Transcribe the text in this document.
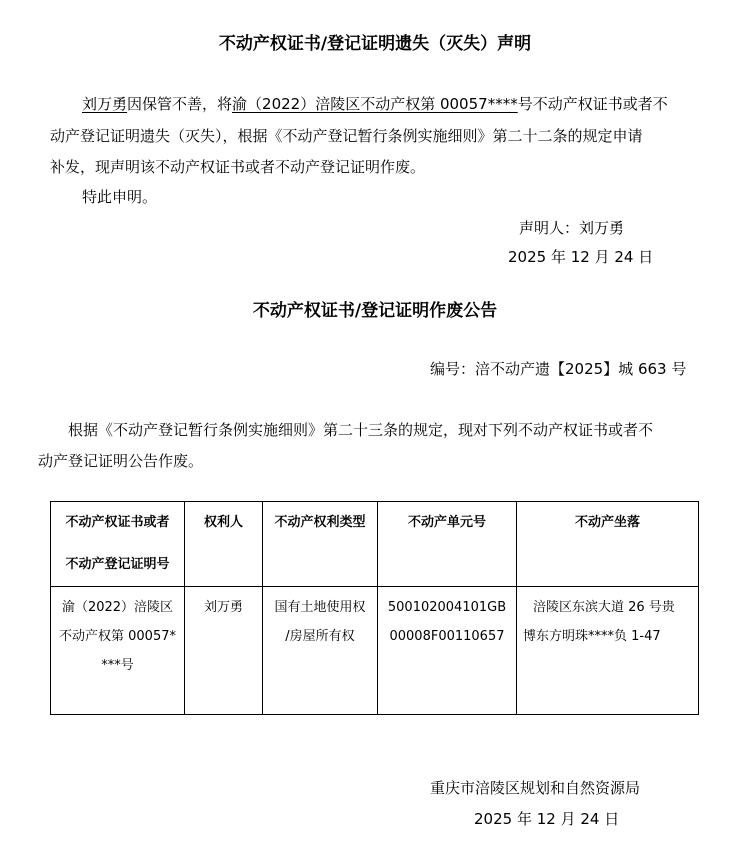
不动产权证书/登记证明遗失（灭失）声明
刘万勇因保管不善，将渝（2022）涪陵区不动产权第 00057****号不动产权证书或者不
动产登记证明遗失（灭失），根据《不动产登记暂行条例实施细则》第二十二条的规定申请
补发，现声明该不动产权证书或者不动产登记证明作废。
特此申明。
声明人：刘万勇
2025 年 12 月 24 日
不动产权证书/登记证明作废公告
编号：涪不动产遗【2025】城 663 号
根据《不动产登记暂行条例实施细则》第二十三条的规定，现对下列不动产权证书或者不
动产登记证明公告作废。
不动产权证书或者
不动产登记证明号	权利人	不动产权利类型	不动产单元号	不动产坐落

渝（2022）涪陵区
不动产权第 00057*
***号	刘万勇	国有土地使用权
/房屋所有权	500102004101GB
00008F00110657	涪陵区东滨大道 26 号贵
博东方明珠****负 1-47
重庆市涪陵区规划和自然资源局
2025 年 12 月 24 日
